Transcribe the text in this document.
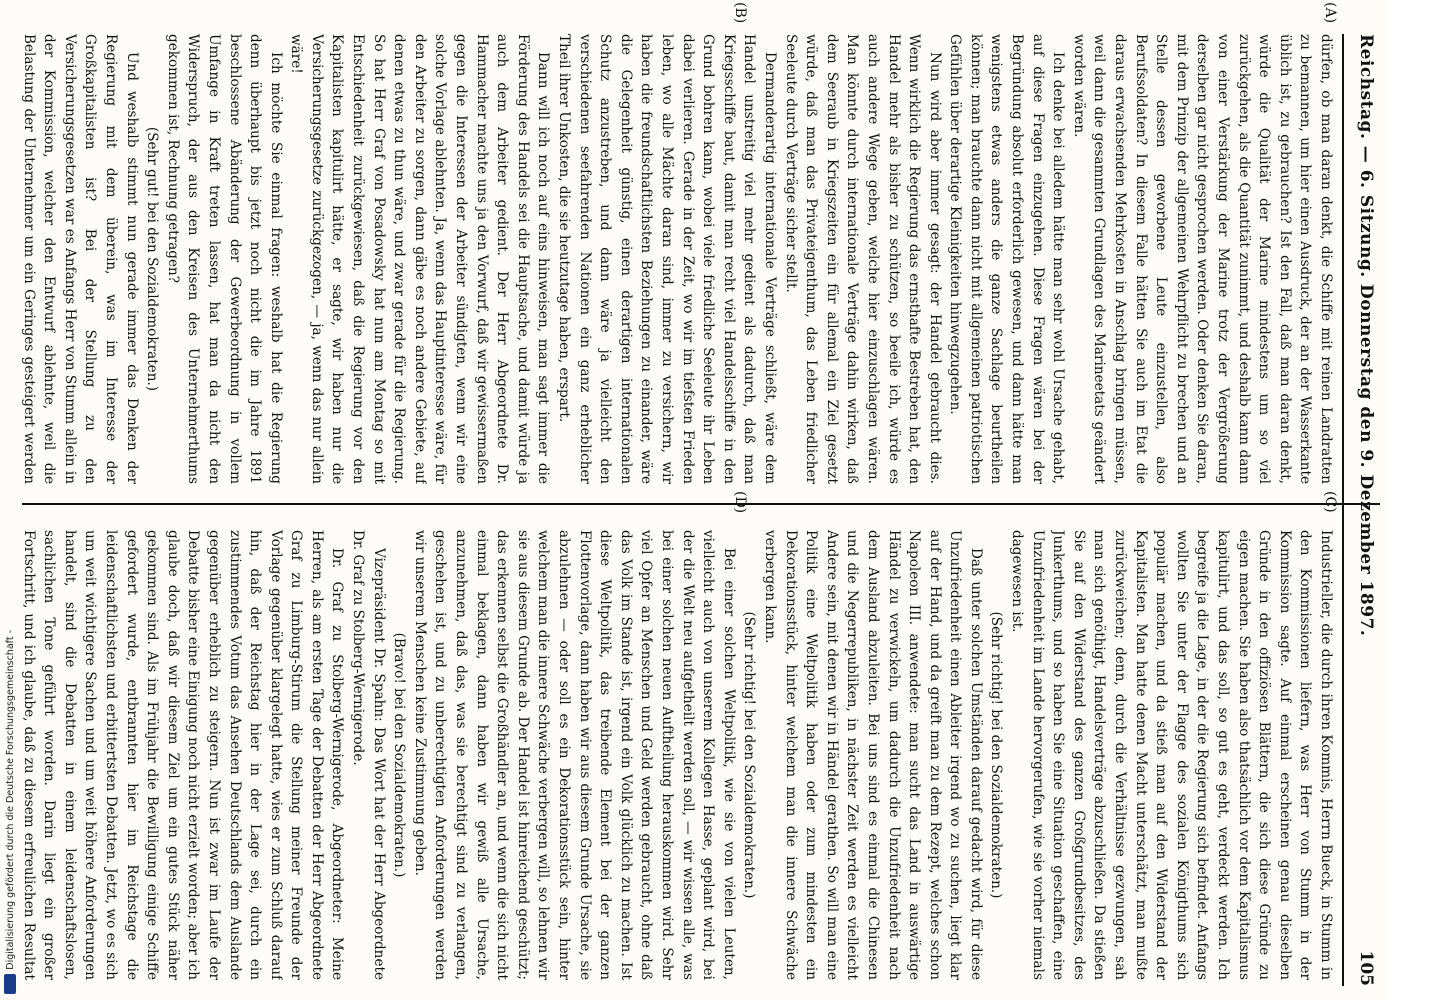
Reichstag. — 6. Sitzung. Donnerstag den 9. Dezember 1897.
105
(A)
(B)
(C)
(D)

dürfen, ob man daran denkt, die Schiffe mit reinen Landratten zu bemannen, um hier einen Ausdruck, der an der Wasserkante üblich ist, zu gebrauchen? Ist den Fall, daß man daran denkt, würde die Qualität der Marine mindestens um so viel zurückgehen, als die Quantität zunimmt, und deshalb kann dann von einer Verstärkung der Marine trotz der Vergrößerung derselben gar nicht gesprochen werden. Oder denken Sie daran, mit dem Prinzip der allgemeinen Wehrpflicht zu brechen und an Stelle dessen geworbene Leute einzustellen, also Berufssoldaten? In diesem Falle hätten Sie auch im Etat die daraus erwachsenden Mehrkosten in Anschlag bringen müssen, weil dann die gesammten Grundlagen des Marineetats geändert worden wären.

Ich denke bei alledem hätte man sehr wohl Ursache gehabt, auf diese Fragen einzugehen. Diese Fragen wären bei der Begründung absolut erforderlich gewesen, und dann hätte man wenigstens etwas anders die ganze Sachlage beurtheilen können; man brauchte dann nicht mit allgemeinen patriotischen Gefühlen über derartige Kleinigkeiten hinwegzugehen.

Nun wird aber immer gesagt: der Handel gebraucht dies. Wenn wirklich die Regierung das ernsthafte Bestreben hat, den Handel mehr als bisher zu schützen, so beeile ich, würde es auch andere Wege geben, welche hier einzuschlagen wären. Man könnte durch internationale Verträge dahin wirken, daß dem Seeraub in Kriegszeiten ein für allemal ein Ziel gesetzt würde, daß man das Privateigenthum, das Leben friedlicher Seeleute durch Verträge sicher stellt.

Dermanderartig internationale Verträge schließt, wäre dem Handel unstreitig viel mehr gedient als dadurch, daß man Kriegsschiffe baut, damit man recht viel Handelsschiffe in den Grund bohren kann, wobei viele friedliche Seeleute ihr Leben dabei verlieren. Gerade in der Zeit, wo wir im tiefsten Frieden leben, wo alle Mächte daran sind, immer zu versichern, wir haben die freundschaftlichsten Beziehungen zu einander, wäre die Gelegenheit günstig, einen derartigen internationalen Schutz anzustreben, und dann wäre ja vielleicht den verschiedenen seefahrenden Nationen ein ganz erheblicher Theil ihrer Unkosten, die sie heutzutage haben, erspart.

Dann will ich noch auf eins hinweisen, man sagt immer die Förderung des Handels sei die Hauptsache, und damit würde ja auch dem Arbeiter gedient. Der Herr Abgeordnete Dr. Hammacher machte uns ja den Vorwurf, daß wir gewissermaßen gegen die Interessen der Arbeiter sündigten, wenn wir eine solche Vorlage ablehnten. Ja, wenn das Hauptinteresse wäre, für den Arbeiter zu sorgen, dann gäbe es noch andere Gebiete, auf denen etwas zu thun wäre, und zwar gerade für die Regierung. So hat Herr Graf von Posadowsky hat nun am Montag so mit Entschiedenheit zurückgewiesen, daß die Regierung vor den Kapitalisten kapitulirt hätte, er sagte, wir haben nur die Versicherungsgesetze zurückgezogen, — ja, wenn das nur allein wäre!

Ich möchte Sie einmal fragen: weshalb hat die Regierung denn überhaupt bis jetzt noch nicht die im Jahre 1891 beschlossene Abänderung der Gewerbeordnung in vollem Umfange in Kraft treten lassen, hat man da nicht den Widerspruch, der aus den Kreisen des Unternehmerthums gekommen ist, Rechnung getragen?

(Sehr gut! bei den Sozialdemokraten.)

Und weshalb stimmt nun gerade immer das Denken der Regierung mit dem überein, was im Interesse der Großkapitalisten ist? Bei der Stellung zu den Versicherungsgesetzen war es Anfangs Herr von Stumm allein in der Kommission, welcher den Entwurf ablehnte, weil die Belastung der Unternehmer um ein Geringes gesteigert werden

Industrieller, die durch ihren Kommis, Herrn Bueck, in Stumm in den Kommissionen liefern, was Herr von Stumm in der Kommission sagte. Auf einmal erscheinen genau dieselben Gründe in den offiziösen Blättern, die sich diese Gründe zu eigen machen. Sie haben also thatsächlich vor dem Kapitalismus kapitulirt, und das soll, so gut es geht, verdeckt werden. Ich begreife ja die Lage, in der die Regierung sich befindet. Anfangs wollten Sie unter der Flagge des sozialen Königthums sich populär machen, und da stieß man auf den Widerstand der Kapitalisten. Man hatte denen Macht unterschätzt, man mußte zurückweichen; denn, durch die Verhältnisse gezwungen, sah man sich genöthigt, Handelsverträge abzuschließen. Da stießen Sie auf den Widerstand des ganzen Großgrundbesitzes, des Junkerthums, und so haben Sie eine Situation geschaffen, eine Unzufriedenheit im Lande hervorgerufen, wie sie vorher niemals dagewesen ist.

(Sehr richtig! bei den Sozialdemokraten.)

Daß unter solchen Umständen darauf gedacht wird, für diese Unzufriedenheit einen Ableiter irgend wo zu suchen, liegt klar auf der Hand, und da greift man zu dem Rezept, welches schon Napoleon III. anwendete: man sucht das Land in auswärtige Händel zu verwickeln, um dadurch die Unzufriedenheit nach dem Ausland abzuleiten. Bei uns sind es einmal die Chinesen und die Negerrepubliken, in nächster Zeit werden es vielleicht Andere sein, mit denen wir in Händel gerathen. So will man eine Politik eine Weltpolitik haben oder zum mindesten ein Dekorationsstück, hinter welchem man die innere Schwäche verbergen kann.

(Sehr richtig! bei den Sozialdemokraten.)

Bei einer solchen Weltpolitik, wie sie von vielen Leuten, vielleicht auch von unserem Kollegen Hasse, geplant wird, bei der die Welt neu aufgetheilt werden soll, — wir wissen alle, was bei einer solchen neuen Auftheilung herauskommen wird. Sehr viel Opfer an Menschen und Geld werden gebraucht, ohne daß das Volk im Stande ist, irgend ein Volk glücklich zu machen. Ist diese Weltpolitik, das treibende Element bei der ganzen Flottenvorlage, dann haben wir aus diesem Grunde Ursache, sie abzulehnen — oder soll es ein Dekorationsstück sein, hinter welchem man die innere Schwäche verbergen will, so lehnen wir sie aus diesem Grunde ab. Der Handel ist hinreichend geschützt; das erkennen selbst die Großhändler an, und wenn die sich nicht einmal beklagen, dann haben wir gewiß alle Ursache, anzunehmen, daß das, was sie berechtigt sind zu verlangen, geschehen ist, und zu unberechtigten Anforderungen werden wir unserem Menschen keine Zustimmung geben.

(Bravo! bei den Sozialdemokraten.)

Vizepräsident Dr. Spahn: Das Wort hat der Herr Abgeordnete Dr. Graf zu Stolberg-Wernigerode.

Dr. Graf zu Stolberg-Wernigerode, Abgeordneter: Meine Herren, als am ersten Tage der Debatten der Herr Abgeordnete Graf zu Limburg-Stirum die Stellung meiner Freunde der Vorlage gegenüber klargelegt hatte, wies er zum Schluß darauf hin, daß der Reichstag hier in der Lage sei, durch ein zustimmendes Votum das Ansehen Deutschlands dem Auslande gegenüber erheblich zu steigern. Nun ist zwar im Laufe der Debatte bisher eine Einigung noch nicht erzielt worden; aber ich glaube doch, daß wir diesem Ziel um ein gutes Stück näher gekommen sind. Als im Frühjahr die Bewilligung einige Schiffe gefordert wurde, entbrannten hier im Reichstage die leidenschaftlichsten und erbittertsten Debatten. Jetzt, wo es sich um weit wichtigere Sachen und um weit höhere Anforderungen handelt, sind die Debatten in einem leidenschaftslosen, sachlichen Tone geführt worden. Darin liegt ein großer Fortschritt, und ich glaube, daß zu diesem erfreulichen Resultat

Digitalisierung gefördert durch die Deutsche Forschungsgemeinschaft -
